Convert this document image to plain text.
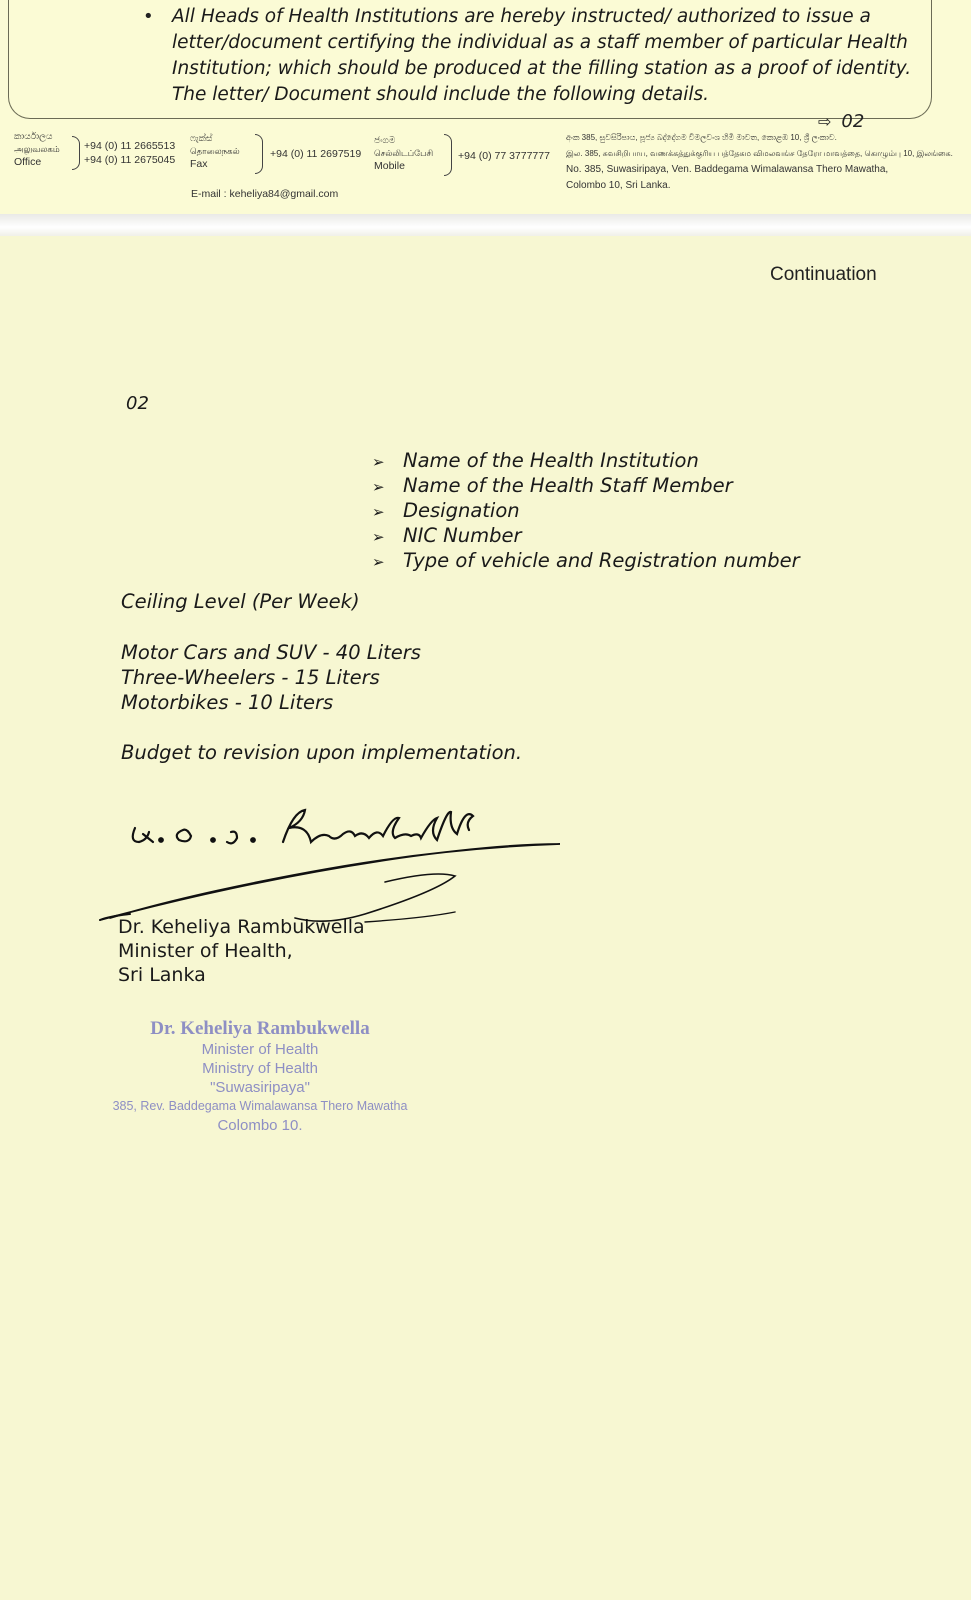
• All Heads of Health Institutions are hereby instructed/ authorized to issue a letter/document certifying the individual as a staff member of particular Health Institution; which should be produced at the filling station as a proof of identity. The letter/ Document should include the following details.
⇨ 02
කාර්යාලය
அலுவலகம்
Office
+94 (0) 11 2665513
+94 (0) 11 2675045
ෆැක්ස්
தொலைநகல்
Fax
+94 (0) 11 2697519
ජංගම
செல்லிடப்பேசி
Mobile
+94 (0) 77 3777777
E-mail : keheliya84@gmail.com
අංක 385, සුවසිරිපාය, පූජ්‍ය බද්දේගම විමලවංශ හිමි මාවත, කොළඹ 10, ශ්‍රී ලංකාව.
இல. 385, சுவசிறிபாய, வணக்கத்துக்குரிய பத்தேகம விமலவங்ச தேரோ மாவத்தை, கொழும்பு 10, இலங்கை.
No. 385, Suwasiripaya, Ven. Baddegama Wimalawansa Thero Mawatha,
Colombo 10, Sri Lanka.
Continuation
02
➢ Name of the Health Institution
➢ Name of the Health Staff Member
➢ Designation
➢ NIC Number
➢ Type of vehicle and Registration number
Ceiling Level (Per Week)
Motor Cars and SUV - 40 Liters
Three-Wheelers - 15 Liters
Motorbikes - 10 Liters
Budget to revision upon implementation.
Dr. Keheliya Rambukwella
Minister of Health,
Sri Lanka
Dr. Keheliya Rambukwella
Minister of Health
Ministry of Health
"Suwasiripaya"
385, Rev. Baddegama Wimalawansa Thero Mawatha
Colombo 10.
